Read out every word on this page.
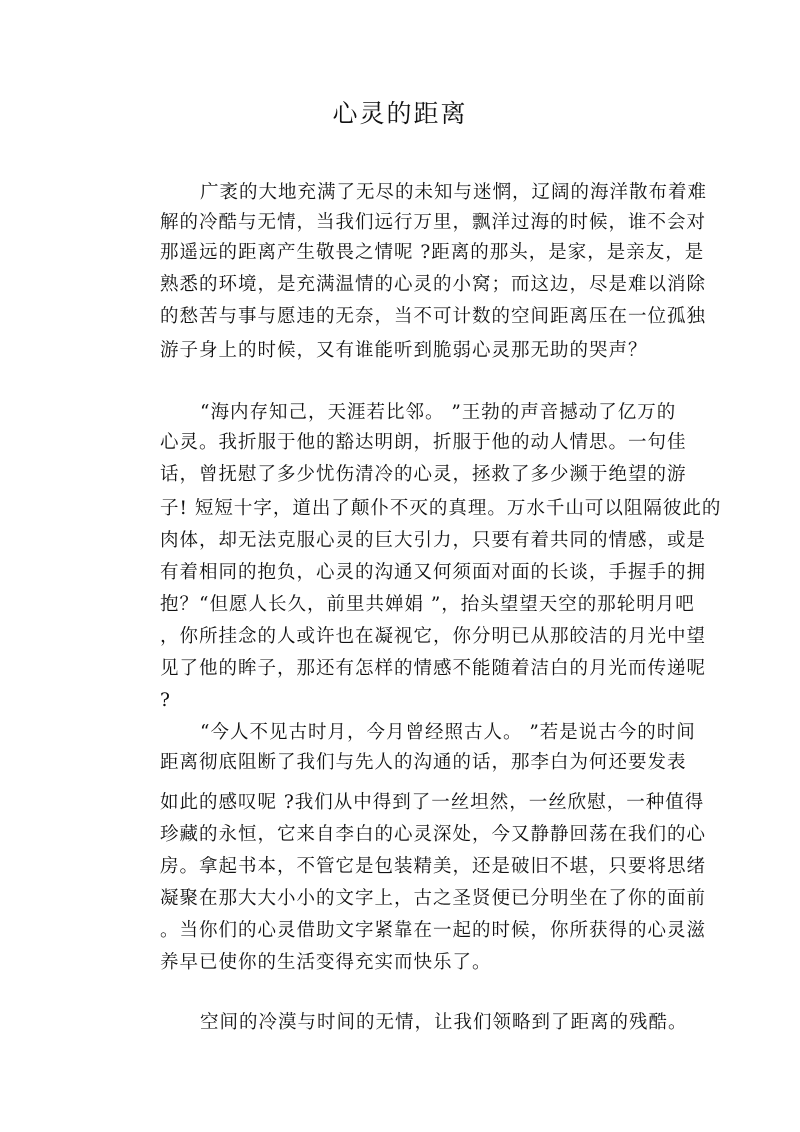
心灵的距离
广袤的大地充满了无尽的未知与迷惘，辽阔的海洋散布着难
解的冷酷与无情，当我们远行万里，飘洋过海的时候，谁不会对
那遥远的距离产生敬畏之情呢 ?距离的那头，是家，是亲友，是
熟悉的环境，是充满温情的心灵的小窝；而这边，尽是难以消除
的愁苦与事与愿违的无奈，当不可计数的空间距离压在一位孤独
游子身上的时候，又有谁能听到脆弱心灵那无助的哭声？
“海内存知己，天涯若比邻。 ”王勃的声音撼动了亿万的
心灵。我折服于他的豁达明朗，折服于他的动人情思。一句佳
话，曾抚慰了多少忧伤清冷的心灵，拯救了多少濒于绝望的游
子! 短短十字，道出了颠仆不灭的真理。万水千山可以阻隔彼此的
肉体，却无法克服心灵的巨大引力，只要有着共同的情感，或是
有着相同的抱负，心灵的沟通又何须面对面的长谈，手握手的拥
抱？“但愿人长久，前里共婵娟 ”，抬头望望天空的那轮明月吧
，你所挂念的人或许也在凝视它，你分明已从那皎洁的月光中望
见了他的眸子，那还有怎样的情感不能随着洁白的月光而传递呢
?
“今人不见古时月，今月曾经照古人。 ”若是说古今的时间
距离彻底阻断了我们与先人的沟通的话，那李白为何还要发表
如此的感叹呢 ?我们从中得到了一丝坦然，一丝欣慰，一种值得
珍藏的永恒，它来自李白的心灵深处，今又静静回荡在我们的心
房。拿起书本，不管它是包装精美，还是破旧不堪，只要将思绪
凝聚在那大大小小的文字上，古之圣贤便已分明坐在了你的面前
。当你们的心灵借助文字紧靠在一起的时候，你所获得的心灵滋
养早已使你的生活变得充实而快乐了。
空间的冷漠与时间的无情，让我们领略到了距离的残酷。
